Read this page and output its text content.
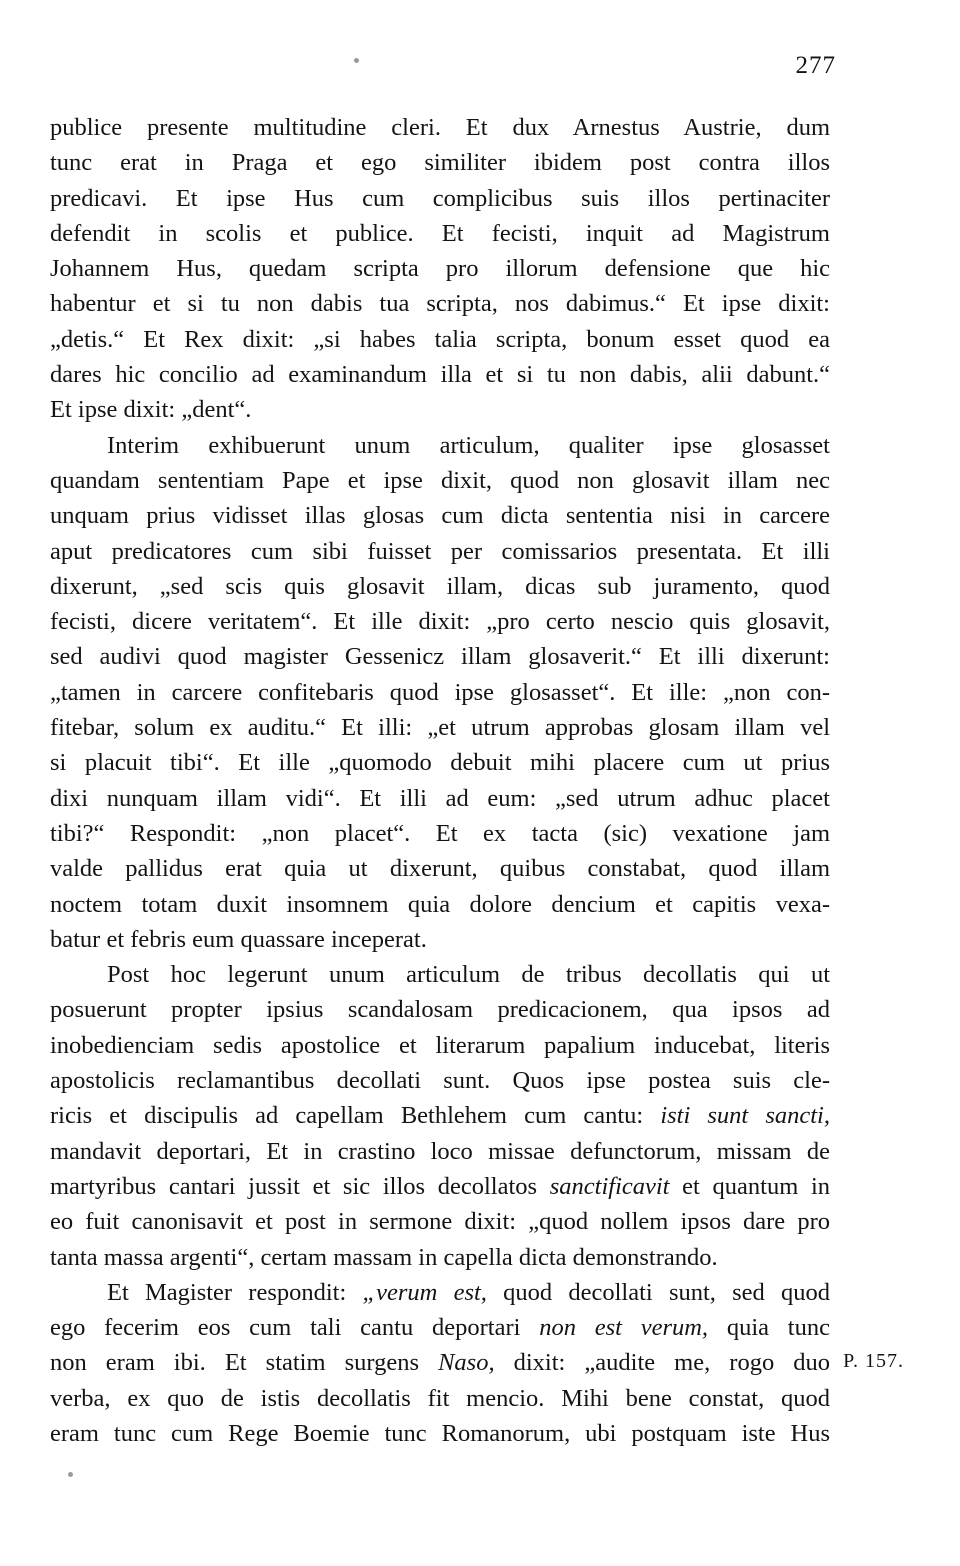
277
publice presente multitudine cleri. Et dux Arnestus Austrie, dum
tunc erat in Praga et ego similiter ibidem post contra illos
predicavi. Et ipse Hus cum complicibus suis illos pertinaciter
defendit in scolis et publice. Et fecisti, inquit ad Magistrum
Johannem Hus, quedam scripta pro illorum defensione que hic
habentur et si tu non dabis tua scripta, nos dabimus.“ Et ipse dixit:
„detis.“ Et Rex dixit: „si habes talia scripta, bonum esset quod ea
dares hic concilio ad examinandum illa et si tu non dabis, alii dabunt.“
Et ipse dixit: „dent“.
Interim exhibuerunt unum articulum, qualiter ipse glosasset
quandam sententiam Pape et ipse dixit, quod non glosavit illam nec
unquam prius vidisset illas glosas cum dicta sententia nisi in carcere
aput predicatores cum sibi fuisset per comissarios presentata. Et illi
dixerunt, „sed scis quis glosavit illam, dicas sub juramento, quod
fecisti, dicere veritatem“. Et ille dixit: „pro certo nescio quis glosavit,
sed audivi quod magister Gessenicz illam glosaverit.“ Et illi dixerunt:
„tamen in carcere confitebaris quod ipse glosasset“. Et ille: „non con-
fitebar, solum ex auditu.“ Et illi: „et utrum approbas glosam illam vel
si placuit tibi“. Et ille „quomodo debuit mihi placere cum ut prius
dixi nunquam illam vidi“. Et illi ad eum: „sed utrum adhuc placet
tibi?“ Respondit: „non placet“. Et ex tacta (sic) vexatione jam
valde pallidus erat quia ut dixerunt, quibus constabat, quod illam
noctem totam duxit insomnem quia dolore dencium et capitis vexa-
batur et febris eum quassare inceperat.
Post hoc legerunt unum articulum de tribus decollatis qui ut
posuerunt propter ipsius scandalosam predicacionem, qua ipsos ad
inobedienciam sedis apostolice et literarum papalium inducebat, literis
apostolicis reclamantibus decollati sunt. Quos ipse postea suis cle-
ricis et discipulis ad capellam Bethlehem cum cantu: isti sunt sancti,
mandavit deportari, Et in crastino loco missae defunctorum, missam de
martyribus cantari jussit et sic illos decollatos sanctificavit et quantum in
eo fuit canonisavit et post in sermone dixit: „quod nollem ipsos dare pro
tanta massa argenti“, certam massam in capella dicta demonstrando.
Et Magister respondit: „verum est, quod decollati sunt, sed quod
ego fecerim eos cum tali cantu deportari non est verum, quia tunc
non eram ibi. Et statim surgens Naso, dixit: „audite me, rogo duo
verba, ex quo de istis decollatis fit mencio. Mihi bene constat, quod
eram tunc cum Rege Boemie tunc Romanorum, ubi postquam iste Hus
P. 157.
